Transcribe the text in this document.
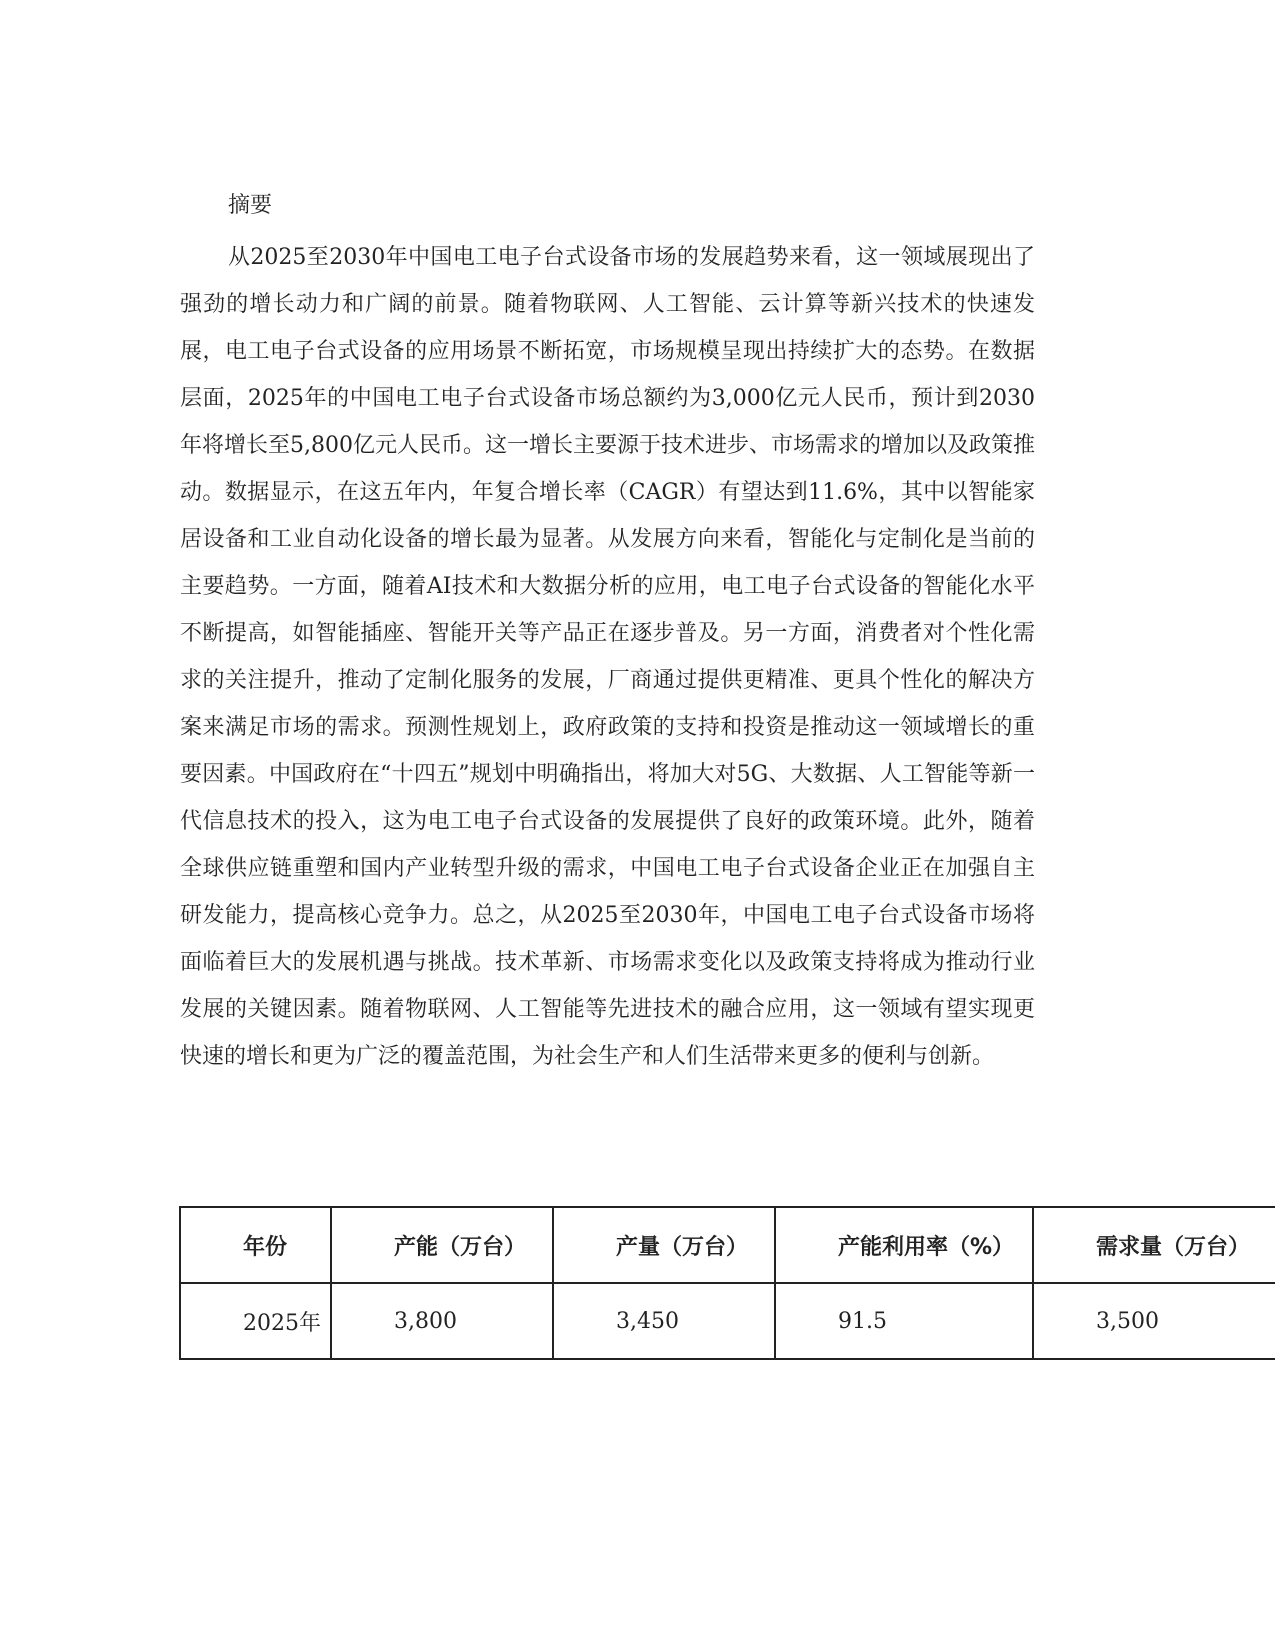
摘要

从2025至2030年中国电工电子台式设备市场的发展趋势来看，这一领域展现出了强劲的增长动力和广阔的前景。随着物联网、人工智能、云计算等新兴技术的快速发展，电工电子台式设备的应用场景不断拓宽，市场规模呈现出持续扩大的态势。在数据层面，2025年的中国电工电子台式设备市场总额约为3,000亿元人民币，预计到2030年将增长至5,800亿元人民币。这一增长主要源于技术进步、市场需求的增加以及政策推动。数据显示，在这五年内，年复合增长率（CAGR）有望达到11.6%，其中以智能家居设备和工业自动化设备的增长最为显著。从发展方向来看，智能化与定制化是当前的主要趋势。一方面，随着AI技术和大数据分析的应用，电工电子台式设备的智能化水平不断提高，如智能插座、智能开关等产品正在逐步普及。另一方面，消费者对个性化需求的关注提升，推动了定制化服务的发展，厂商通过提供更精准、更具个性化的解决方案来满足市场的需求。预测性规划上，政府政策的支持和投资是推动这一领域增长的重要因素。中国政府在“十四五”规划中明确指出，将加大对5G、大数据、人工智能等新一代信息技术的投入，这为电工电子台式设备的发展提供了良好的政策环境。此外，随着全球供应链重塑和国内产业转型升级的需求，中国电工电子台式设备企业正在加强自主研发能力，提高核心竞争力。总之，从2025至2030年，中国电工电子台式设备市场将面临着巨大的发展机遇与挑战。技术革新、市场需求变化以及政策支持将成为推动行业发展的关键因素。随着物联网、人工智能等先进技术的融合应用，这一领域有望实现更快速的增长和更为广泛的覆盖范围，为社会生产和人们生活带来更多的便利与创新。

年份	产能（万台）	产量（万台）	产能利用率（%）	需求量（万台）
2025年	3,800	3,450	91.5	3,500
